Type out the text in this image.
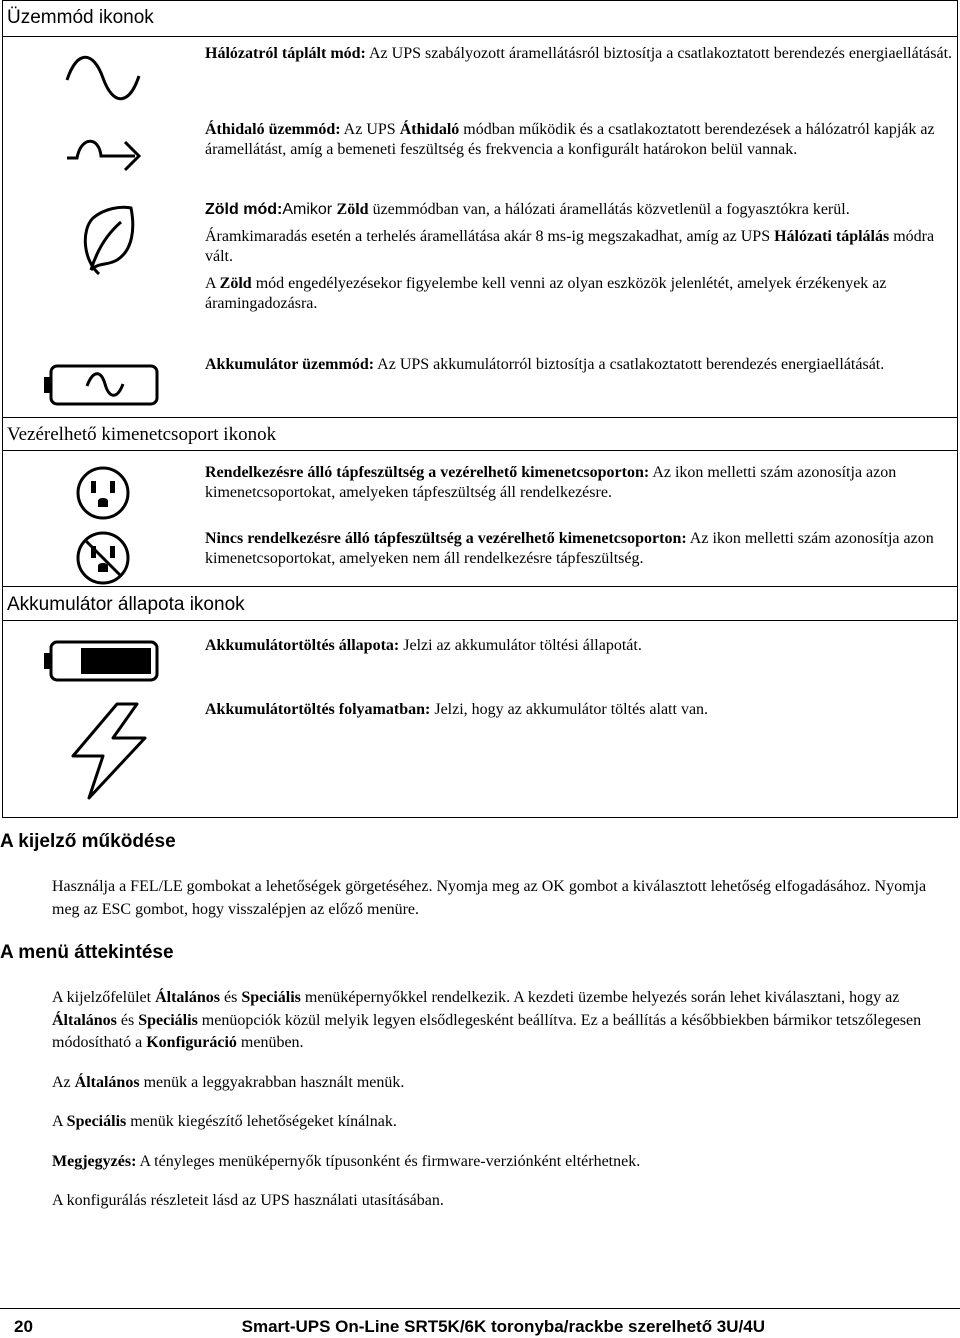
Üzemmód ikonok

Hálózatról táplált mód: Az UPS szabályozott áramellátásról biztosítja a csatlakoztatott berendezés energiaellátását.

Áthidaló üzemmód: Az UPS Áthidaló módban működik és a csatlakoztatott berendezések a hálózatról kapják az áramellátást, amíg a bemeneti feszültség és frekvencia a konfigurált határokon belül vannak.

Zöld mód:Amikor Zöld üzemmódban van, a hálózati áramellátás közvetlenül a fogyasztókra kerül.

Áramkimaradás esetén a terhelés áramellátása akár 8 ms-ig megszakadhat, amíg az UPS Hálózati táplálás módra vált.

A Zöld mód engedélyezésekor figyelembe kell venni az olyan eszközök jelenlétét, amelyek érzékenyek az áramingadozásra.

Akkumulátor üzemmód: Az UPS akkumulátorról biztosítja a csatlakoztatott berendezés energiaellátását.

Vezérelhető kimenetcsoport ikonok

Rendelkezésre álló tápfeszültség a vezérelhető kimenetcsoporton: Az ikon melletti szám azonosítja azon kimenetcsoportokat, amelyeken tápfeszültség áll rendelkezésre.

Nincs rendelkezésre álló tápfeszültség a vezérelhető kimenetcsoporton: Az ikon melletti szám azonosítja azon kimenetcsoportokat, amelyeken nem áll rendelkezésre tápfeszültség.

Akkumulátor állapota ikonok

Akkumulátortöltés állapota: Jelzi az akkumulátor töltési állapotát.

Akkumulátortöltés folyamatban: Jelzi, hogy az akkumulátor töltés alatt van.

A kijelző működése

Használja a FEL/LE gombokat a lehetőségek görgetéséhez. Nyomja meg az OK gombot a kiválasztott lehetőség elfogadásához. Nyomja meg az ESC gombot, hogy visszalépjen az előző menüre.

A menü áttekintése

A kijelzőfelület Általános és Speciális menüképernyőkkel rendelkezik. A kezdeti üzembe helyezés során lehet kiválasztani, hogy az Általános és Speciális menüopciók közül melyik legyen elsődlegesként beállítva. Ez a beállítás a későbbiekben bármikor tetszőlegesen módosítható a Konfiguráció menüben.

Az Általános menük a leggyakrabban használt menük.

A Speciális menük kiegészítő lehetőségeket kínálnak.

Megjegyzés: A tényleges menüképernyők típusonként és firmware-verziónként eltérhetnek.

A konfigurálás részleteit lásd az UPS használati utasításában.

20	Smart-UPS On-Line SRT5K/6K toronyba/rackbe szerelhető 3U/4U
